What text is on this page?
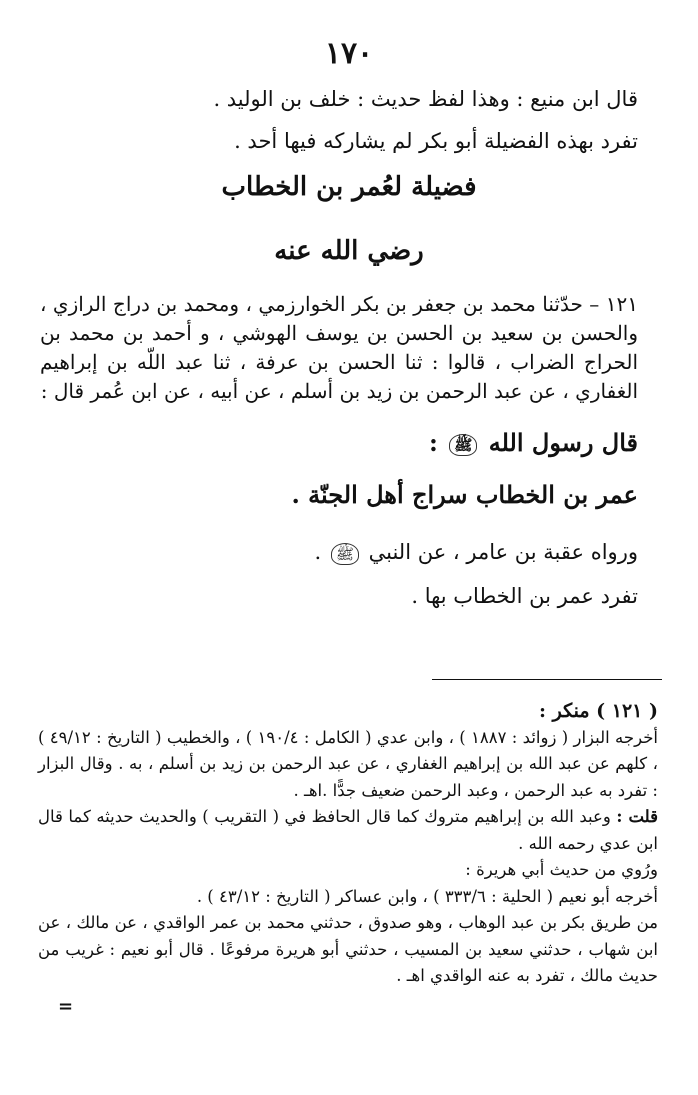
١٧٠

قال ابن منيع : وهذا لفظ حديث : خلف بن الوليد .

تفرد بهذه الفضيلة أبو بكر لم يشاركه فيها أحد .

فضيلة لعُمر بن الخطاب
رضي الله عنه

١٢١ – حدّثنا محمد بن جعفر بن بكر الخوارزمي ، ومحمد بن دراج الرازي ، والحسن بن سعيد بن الحسن بن يوسف الهوشي ، و أحمد بن محمد بن الحراج الضراب ، قالوا : ثنا الحسن بن عرفة ، ثنا عبد اللّه بن إبراهيم الغفاري ، عن عبد الرحمن بن زيد بن أسلم ، عن أبيه ، عن ابن عُمر قال :

قال رسول الله ﷺ :
عمر بن الخطاب سراج أهل الجنّة .

ورواه عقبة بن عامر ، عن النبي ﷺ .

تفرد عمر بن الخطاب بها .

( ١٢١ ) منكر :

أخرجه البزار ( زوائد : ١٨٨٧ ) ، وابن عدي ( الكامل : ١٩٠/٤ ) ، والخطيب ( التاريخ : ٤٩/١٢ ) ، كلهم عن عبد الله بن إبراهيم الغفاري ، عن عبد الرحمن بن زيد بن أسلم ، به . وقال البزار : تفرد به عبد الرحمن ، وعبد الرحمن ضعيف جدًّا .اهـ .

قلت : وعبد الله بن إبراهيم متروك كما قال الحافظ في ( التقريب ) والحديث حديثه كما قال ابن عدي رحمه الله .

ورُوي من حديث أبي هريرة :

أخرجه أبو نعيم ( الحلية : ٣٣٣/٦ ) ، وابن عساكر ( التاريخ : ٤٣/١٢ ) .

من طريق بكر بن عبد الوهاب ، وهو صدوق ، حدثني محمد بن عمر الواقدي ، عن مالك ، عن ابن شهاب ، حدثني سعيد بن المسيب ، حدثني أبو هريرة مرفوعًا . قال أبو نعيم : غريب من حديث مالك ، تفرد به عنه الواقدي اهـ .

=
